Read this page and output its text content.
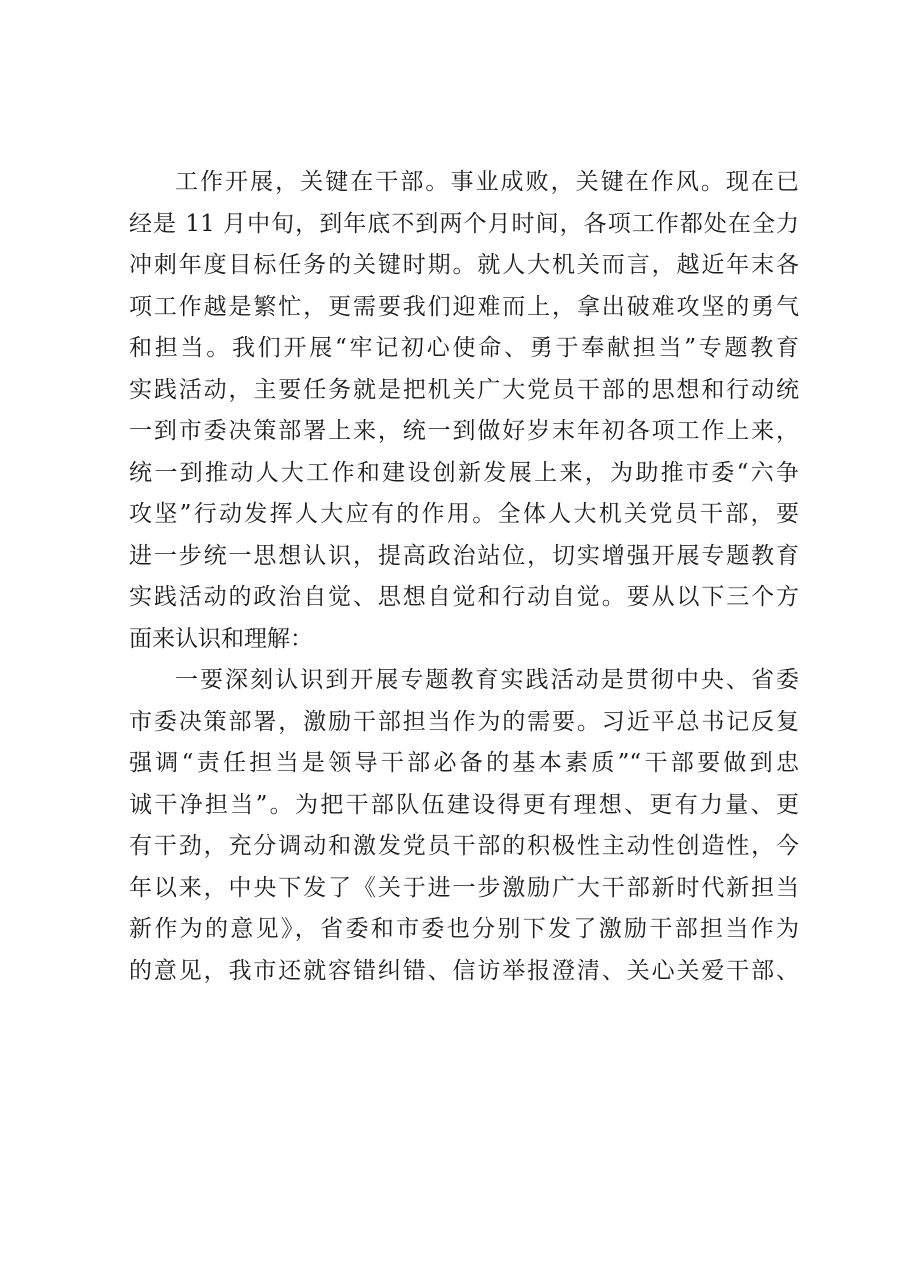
工作开展，关键在干部。事业成败，关键在作风。现在已
经是 11 月中旬，到年底不到两个月时间，各项工作都处在全力
冲刺年度目标任务的关键时期。就人大机关而言，越近年末各
项工作越是繁忙，更需要我们迎难而上，拿出破难攻坚的勇气
和担当。我们开展“牢记初心使命、勇于奉献担当”专题教育
实践活动，主要任务就是把机关广大党员干部的思想和行动统
一到市委决策部署上来，统一到做好岁末年初各项工作上来，
统一到推动人大工作和建设创新发展上来，为助推市委“六争
攻坚”行动发挥人大应有的作用。全体人大机关党员干部，要
进一步统一思想认识，提高政治站位，切实增强开展专题教育
实践活动的政治自觉、思想自觉和行动自觉。要从以下三个方
面来认识和理解：
一要深刻认识到开展专题教育实践活动是贯彻中央、省委
市委决策部署，激励干部担当作为的需要。习近平总书记反复
强调“责任担当是领导干部必备的基本素质”“干部要做到忠
诚干净担当”。为把干部队伍建设得更有理想、更有力量、更
有干劲，充分调动和激发党员干部的积极性主动性创造性，今
年以来，中央下发了《关于进一步激励广大干部新时代新担当
新作为的意见》，省委和市委也分别下发了激励干部担当作为
的意见，我市还就容错纠错、信访举报澄清、关心关爱干部、
